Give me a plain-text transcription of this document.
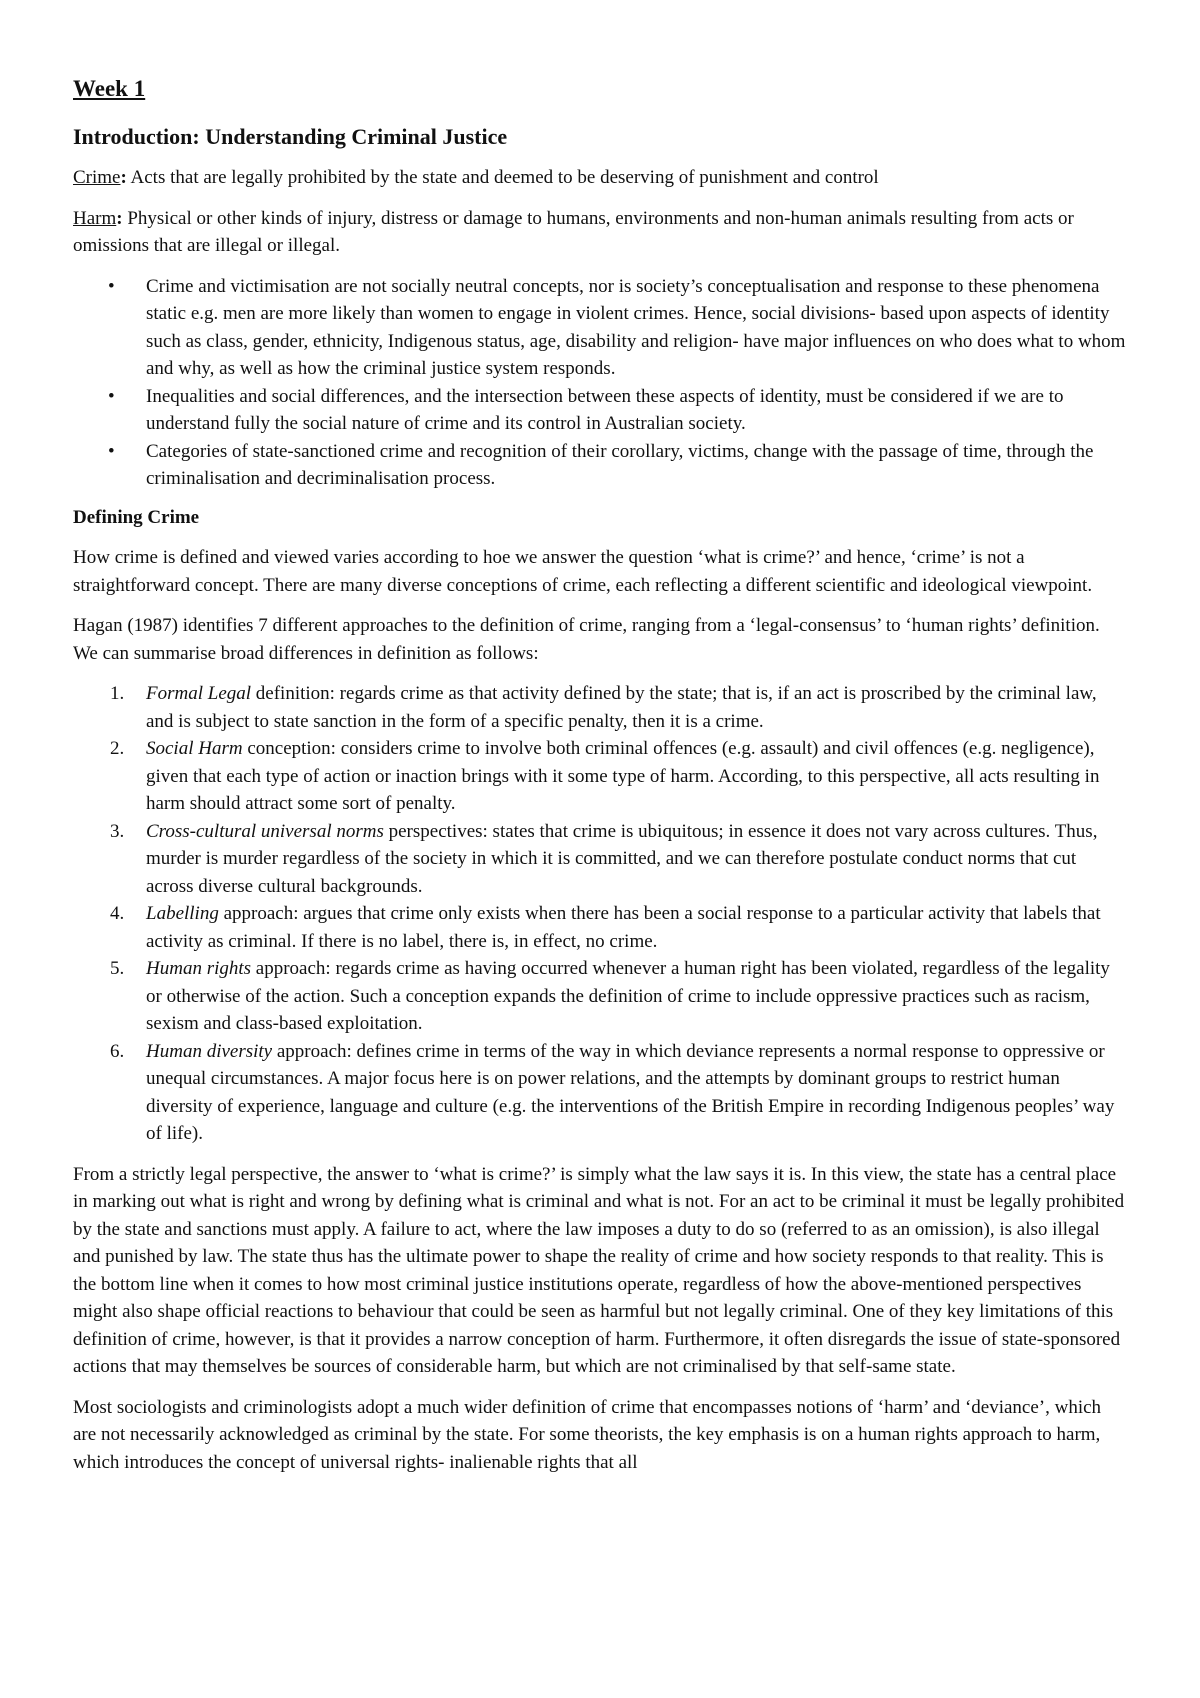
Week 1
Introduction: Understanding Criminal Justice

Crime: Acts that are legally prohibited by the state and deemed to be deserving of punishment and control

Harm: Physical or other kinds of injury, distress or damage to humans, environments and non-human animals resulting from acts or omissions that are illegal or illegal.

• Crime and victimisation are not socially neutral concepts, nor is society’s conceptualisation and response to these phenomena static e.g. men are more likely than women to engage in violent crimes. Hence, social divisions- based upon aspects of identity such as class, gender, ethnicity, Indigenous status, age, disability and religion- have major influences on who does what to whom and why, as well as how the criminal justice system responds.
• Inequalities and social differences, and the intersection between these aspects of identity, must be considered if we are to understand fully the social nature of crime and its control in Australian society.
• Categories of state-sanctioned crime and recognition of their corollary, victims, change with the passage of time, through the criminalisation and decriminalisation process.
Defining Crime

How crime is defined and viewed varies according to hoe we answer the question ‘what is crime?’ and hence, ‘crime’ is not a straightforward concept. There are many diverse conceptions of crime, each reflecting a different scientific and ideological viewpoint.

Hagan (1987) identifies 7 different approaches to the definition of crime, ranging from a ‘legal-consensus’ to ‘human rights’ definition. We can summarise broad differences in definition as follows:

1. Formal Legal definition: regards crime as that activity defined by the state; that is, if an act is proscribed by the criminal law, and is subject to state sanction in the form of a specific penalty, then it is a crime.
2. Social Harm conception: considers crime to involve both criminal offences (e.g. assault) and civil offences (e.g. negligence), given that each type of action or inaction brings with it some type of harm. According, to this perspective, all acts resulting in harm should attract some sort of penalty.
3. Cross-cultural universal norms perspectives: states that crime is ubiquitous; in essence it does not vary across cultures. Thus, murder is murder regardless of the society in which it is committed, and we can therefore postulate conduct norms that cut across diverse cultural backgrounds.
4. Labelling approach: argues that crime only exists when there has been a social response to a particular activity that labels that activity as criminal. If there is no label, there is, in effect, no crime.
5. Human rights approach: regards crime as having occurred whenever a human right has been violated, regardless of the legality or otherwise of the action. Such a conception expands the definition of crime to include oppressive practices such as racism, sexism and class-based exploitation.
6. Human diversity approach: defines crime in terms of the way in which deviance represents a normal response to oppressive or unequal circumstances. A major focus here is on power relations, and the attempts by dominant groups to restrict human diversity of experience, language and culture (e.g. the interventions of the British Empire in recording Indigenous peoples’ way of life).

From a strictly legal perspective, the answer to ‘what is crime?’ is simply what the law says it is. In this view, the state has a central place in marking out what is right and wrong by defining what is criminal and what is not. For an act to be criminal it must be legally prohibited by the state and sanctions must apply. A failure to act, where the law imposes a duty to do so (referred to as an omission), is also illegal and punished by law. The state thus has the ultimate power to shape the reality of crime and how society responds to that reality. This is the bottom line when it comes to how most criminal justice institutions operate, regardless of how the above-mentioned perspectives might also shape official reactions to behaviour that could be seen as harmful but not legally criminal. One of they key limitations of this definition of crime, however, is that it provides a narrow conception of harm. Furthermore, it often disregards the issue of state-sponsored actions that may themselves be sources of considerable harm, but which are not criminalised by that self-same state.

Most sociologists and criminologists adopt a much wider definition of crime that encompasses notions of ‘harm’ and ‘deviance’, which are not necessarily acknowledged as criminal by the state. For some theorists, the key emphasis is on a human rights approach to harm, which introduces the concept of universal rights- inalienable rights that all
